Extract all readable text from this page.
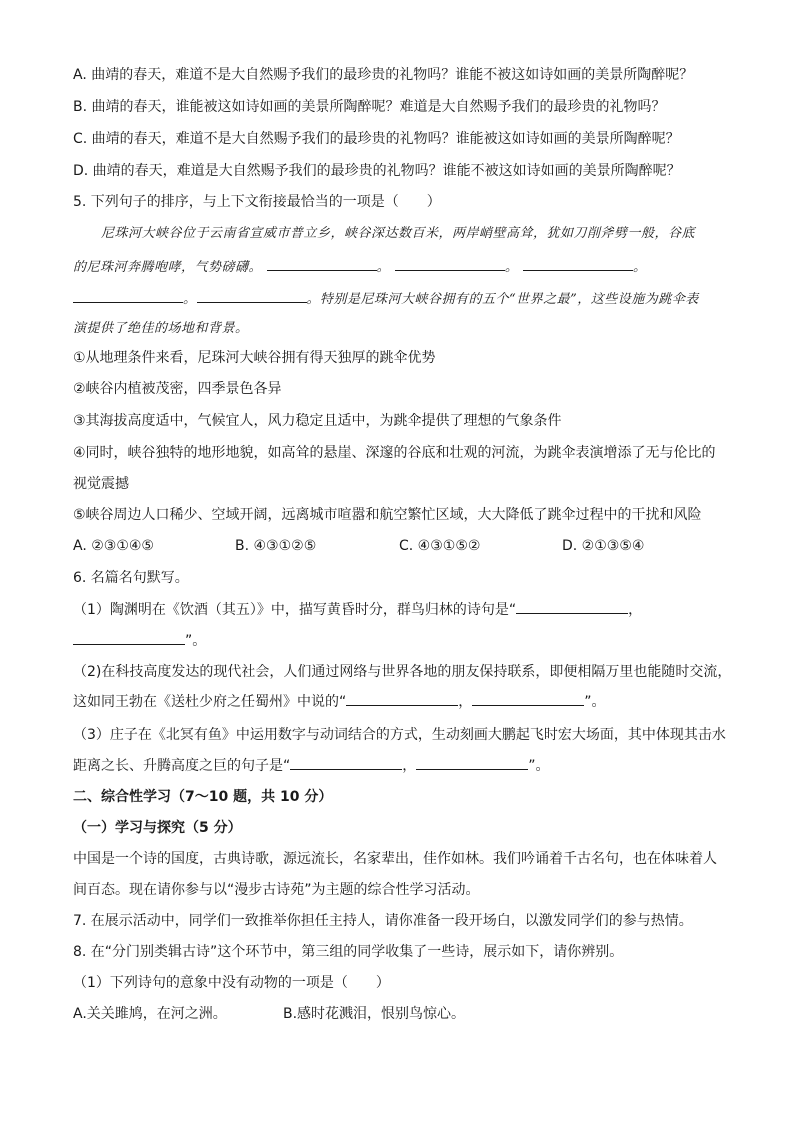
A. 曲靖的春天，难道不是大自然赐予我们的最珍贵的礼物吗？谁能不被这如诗如画的美景所陶醉呢？
B. 曲靖的春天，谁能被这如诗如画的美景所陶醉呢？难道是大自然赐予我们的最珍贵的礼物吗？
C. 曲靖的春天，难道不是大自然赐予我们的最珍贵的礼物吗？谁能被这如诗如画的美景所陶醉呢？
D. 曲靖的春天，难道是大自然赐予我们的最珍贵的礼物吗？谁能不被这如诗如画的美景所陶醉呢？
5. 下列句子的排序，与上下文衔接最恰当的一项是（　　）
尼珠河大峡谷位于云南省宣威市普立乡，峡谷深达数百米，两岸峭壁高耸，犹如刀削斧劈一般，谷底
的尼珠河奔腾咆哮，气势磅礴。	。	。	。
。	。特别是尼珠河大峡谷拥有的五个“世界之最”，这些设施为跳伞表
演提供了绝佳的场地和背景。
①从地理条件来看，尼珠河大峡谷拥有得天独厚的跳伞优势
②峡谷内植被茂密，四季景色各异
③其海拔高度适中，气候宜人，风力稳定且适中，为跳伞提供了理想的气象条件
④同时，峡谷独特的地形地貌，如高耸的悬崖、深邃的谷底和壮观的河流，为跳伞表演增添了无与伦比的
视觉震撼
⑤峡谷周边人口稀少、空域开阔，远离城市喧嚣和航空繁忙区域，大大降低了跳伞过程中的干扰和风险
A. ②③①④⑤	B. ④③①②⑤	C. ④③①⑤②	D. ②①③⑤④
6. 名篇名句默写。
（1）陶渊明在《饮酒（其五）》中，描写黄昏时分，群鸟归林的诗句是“	，
”。
（2)在科技高度发达的现代社会，人们通过网络与世界各地的朋友保持联系，即便相隔万里也能随时交流，
这如同王勃在《送杜少府之任蜀州》中说的“	，	”。
（3）庄子在《北冥有鱼》中运用数字与动词结合的方式，生动刻画大鹏起飞时宏大场面，其中体现其击水
距离之长、升腾高度之巨的句子是“	，	”。
二、综合性学习（7～10 题，共 10 分）
（一）学习与探究（5 分）
中国是一个诗的国度，古典诗歌，源远流长，名家辈出，佳作如林。我们吟诵着千古名句，也在体味着人
间百态。现在请你参与以“漫步古诗苑”为主题的综合性学习活动。
7. 在展示活动中，同学们一致推举你担任主持人，请你准备一段开场白，以激发同学们的参与热情。
8. 在“分门别类辑古诗”这个环节中，第三组的同学收集了一些诗，展示如下，请你辨别。
（1）下列诗句的意象中没有动物的一项是（　　）
A.关关雎鸠，在河之洲。	B.感时花溅泪，恨别鸟惊心。
